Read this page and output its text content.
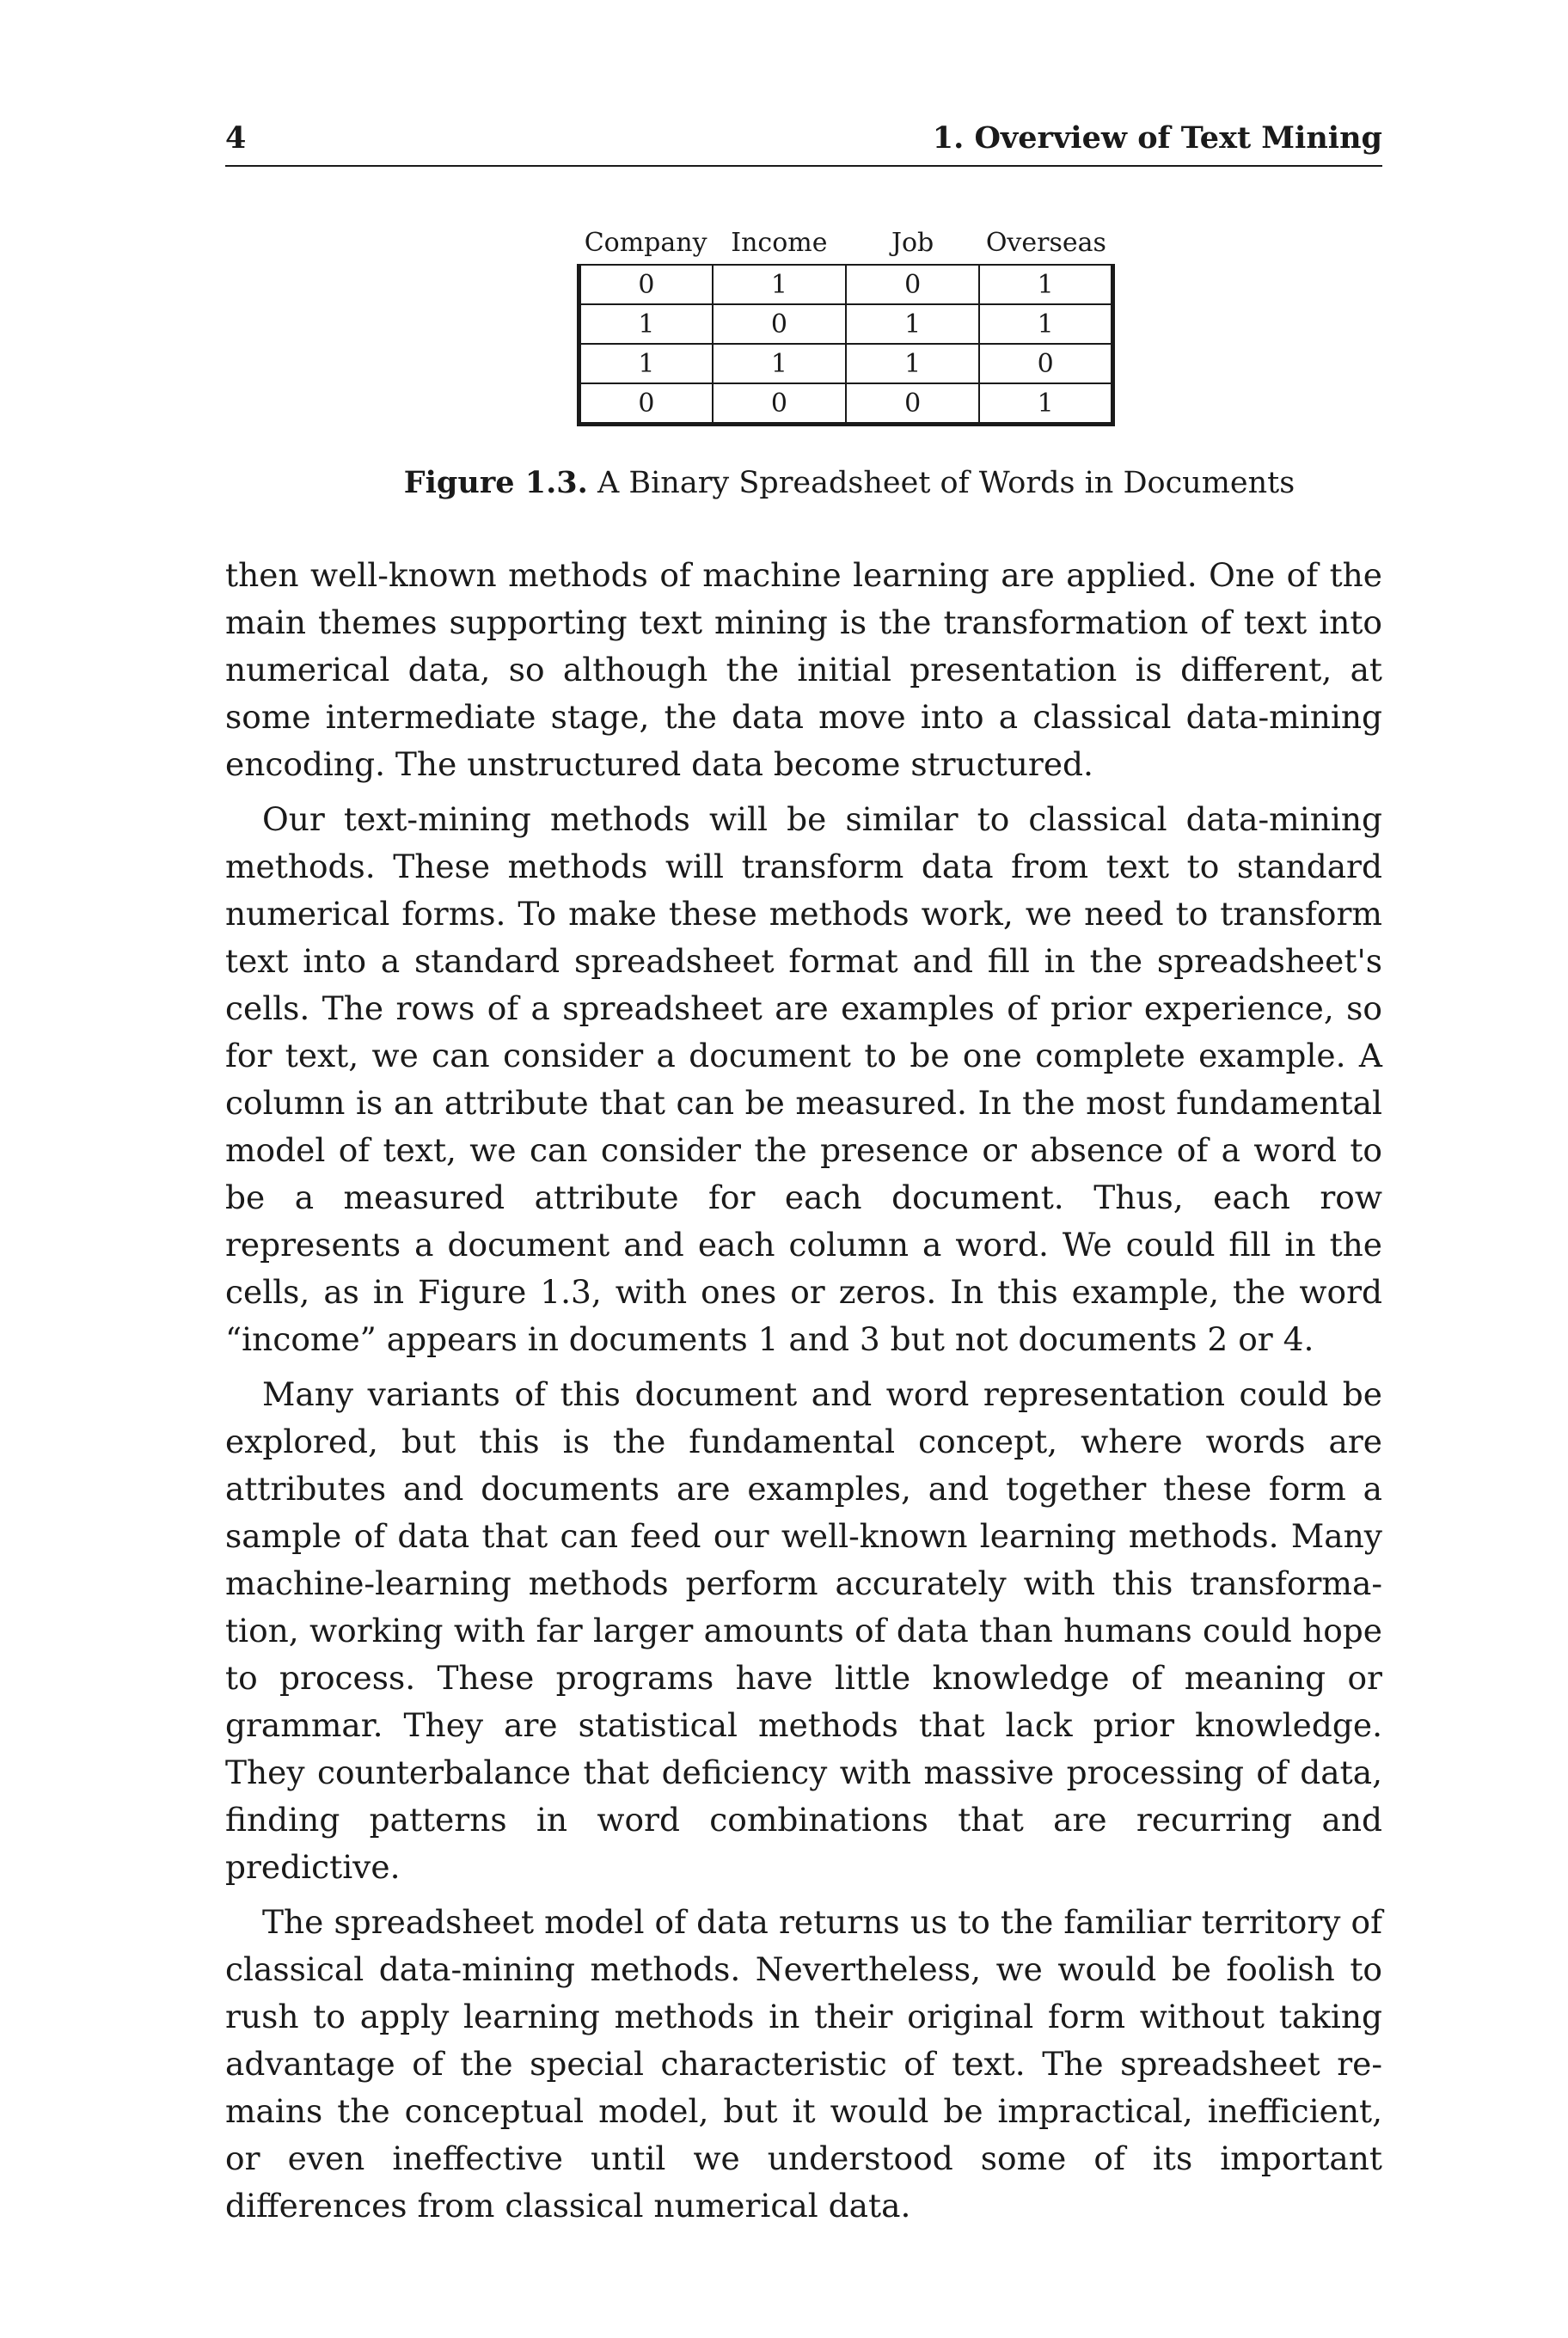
4	1. Overview of Text Mining
Company	Income	Job	Overseas
0	1	0	1
1	0	1	1
1	1	1	0
0	0	0	1
Figure 1.3. A Binary Spreadsheet of Words in Documents

then well-known methods of machine learning are applied. One of the main themes supporting text mining is the transformation of text into numerical data, so although the initial presentation is different, at some intermediate stage, the data move into a classical data-mining encoding. The unstructured data become structured.

Our text-mining methods will be similar to classical data-mining methods. These methods will transform data from text to standard numerical forms. To make these methods work, we need to transform text into a standard spreadsheet format and fill in the spreadsheet's cells. The rows of a spreadsheet are examples of prior experience, so for text, we can consider a document to be one complete example. A column is an attribute that can be measured. In the most fundamental model of text, we can consider the presence or absence of a word to be a measured attribute for each document. Thus, each row represents a document and each column a word. We could fill in the cells, as in Figure 1.3, with ones or zeros. In this example, the word “income” appears in documents 1 and 3 but not documents 2 or 4.

Many variants of this document and word representation could be explored, but this is the fundamental concept, where words are attributes and documents are examples, and together these form a sample of data that can feed our well-known learning methods. Many machine-learning methods perform accurately with this transforma-tion, working with far larger amounts of data than humans could hope to process. These programs have little knowledge of meaning or grammar. They are statistical methods that lack prior knowledge. They counterbalance that deficiency with massive processing of data, finding patterns in word combinations that are recurring and predictive.

The spreadsheet model of data returns us to the familiar territory of classical data-mining methods. Nevertheless, we would be foolish to rush to apply learning methods in their original form without taking advantage of the special characteristic of text. The spreadsheet re-mains the conceptual model, but it would be impractical, inefficient, or even ineffective until we understood some of its important differences from classical numerical data.
